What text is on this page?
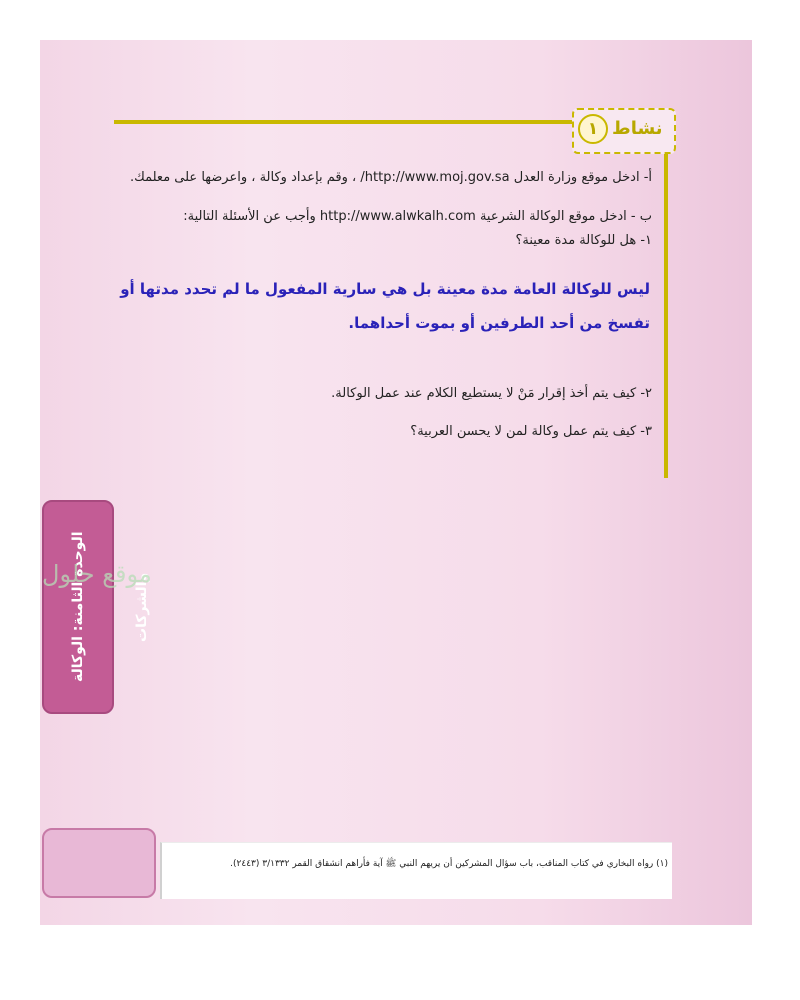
نشاط
١
أ- ادخل موقع وزارة العدل http://www.moj.gov.sa/ ، وقم بإعداد وكالة ، واعرضها على معلمك.
ب - ادخل موقع الوكالة الشرعية http://www.alwkalh.com وأجب عن الأسئلة التالية:
١- هل للوكالة مدة معينة؟
ليس للوكالة العامة مدة معينة بل هي سارية المفعول ما لم تحدد مدتها أو تفسخ من أحد الطرفين أو بموت أحداهما.
٢- كيف يتم أخذ إقرار مَنْ لا يستطيع الكلام عند عمل الوكالة.
٣- كيف يتم عمل وكالة لمن لا يحسن العربية؟
الوحدة الثامنة: الوكالة والشركات
موقع حلول
(١) رواه البخاري في كتاب المناقب، باب سؤال المشركين أن يريهم النبي ﷺ آية فأراهم انشقاق القمر ٣/١٣٣٢ (٢٤٤٣).
